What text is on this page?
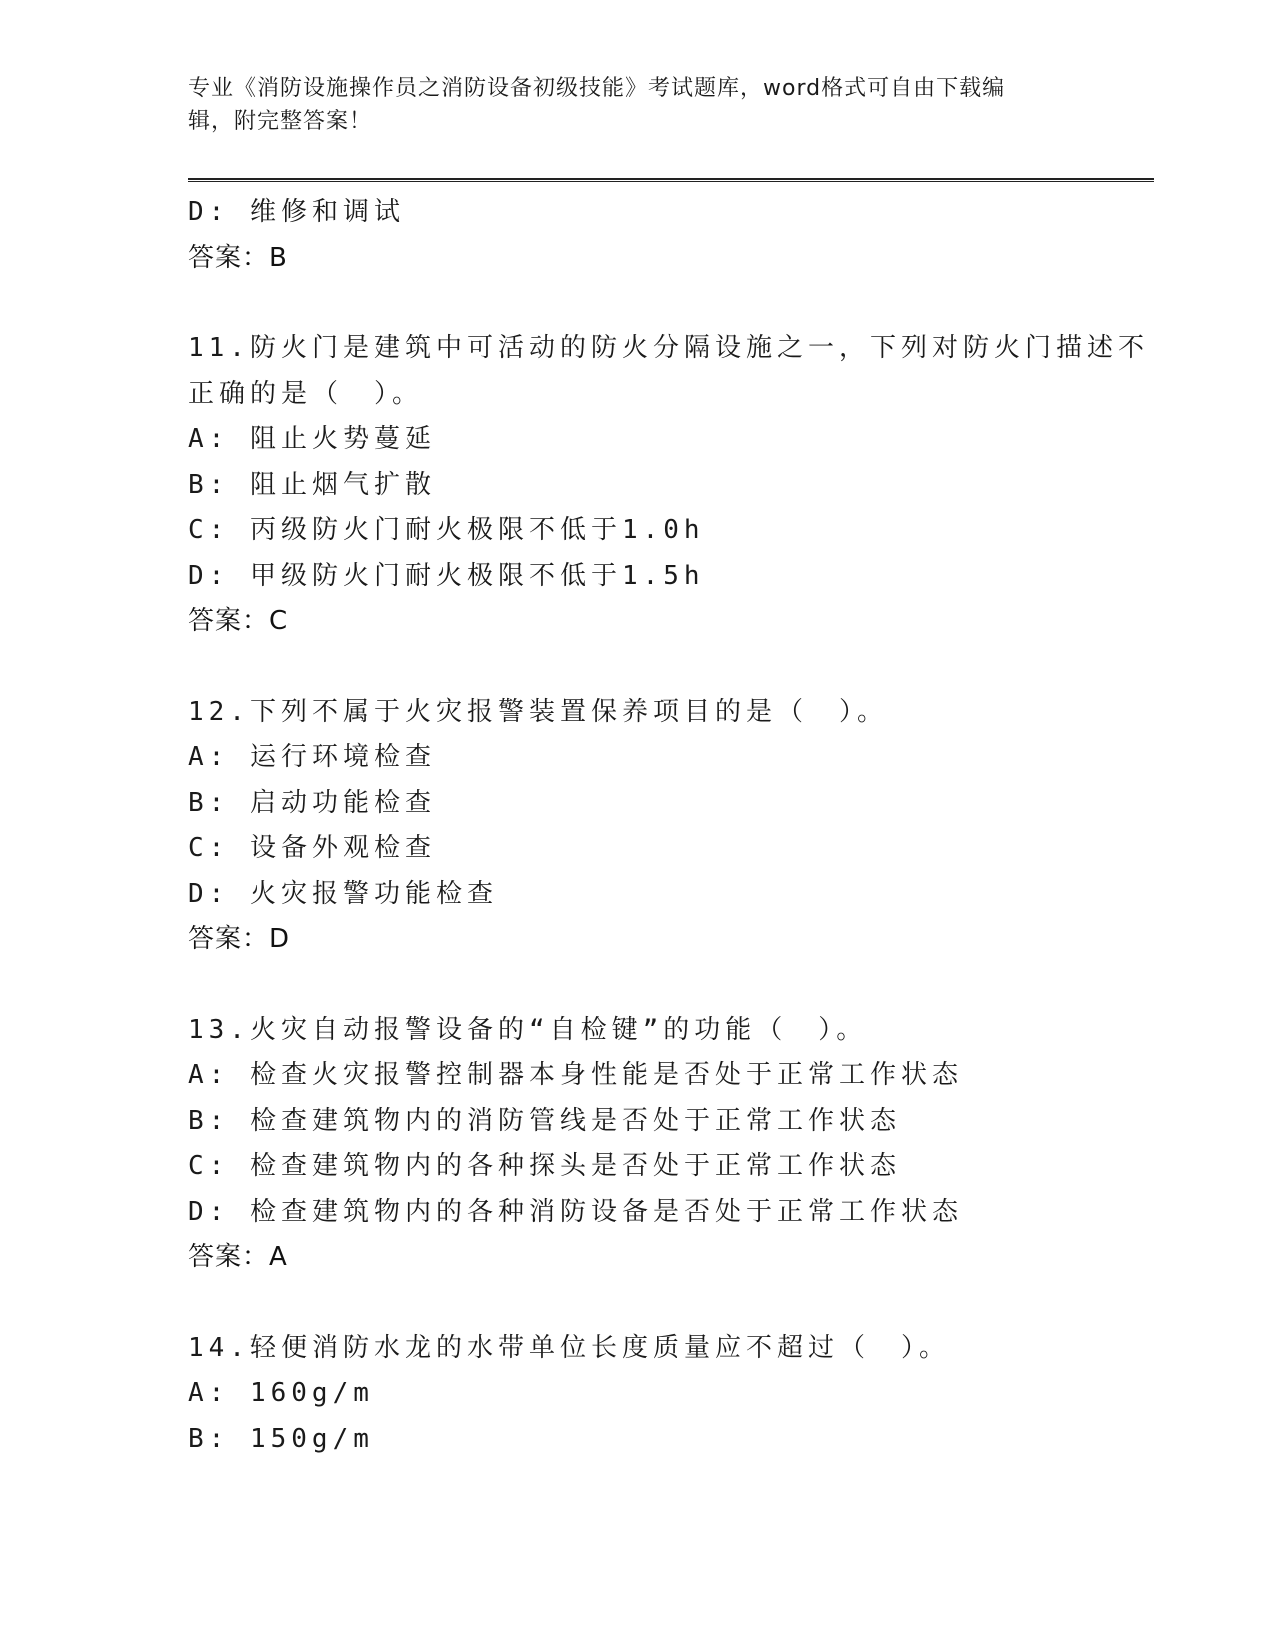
专业《消防设施操作员之消防设备初级技能》考试题库，word格式可自由下载编
辑，附完整答案！
D: 维修和调试
答案：B
11.防火门是建筑中可活动的防火分隔设施之一，下列对防火门描述不
正确的是（　）。
A: 阻止火势蔓延
B: 阻止烟气扩散
C: 丙级防火门耐火极限不低于1.0h
D: 甲级防火门耐火极限不低于1.5h
答案：C
12.下列不属于火灾报警装置保养项目的是（　）。
A: 运行环境检查
B: 启动功能检查
C: 设备外观检查
D: 火灾报警功能检查
答案：D
13.火灾自动报警设备的“自检键”的功能（　）。
A: 检查火灾报警控制器本身性能是否处于正常工作状态
B: 检查建筑物内的消防管线是否处于正常工作状态
C: 检查建筑物内的各种探头是否处于正常工作状态
D: 检查建筑物内的各种消防设备是否处于正常工作状态
答案：A
14.轻便消防水龙的水带单位长度质量应不超过（　）。
A: 160g/m
B: 150g/m
